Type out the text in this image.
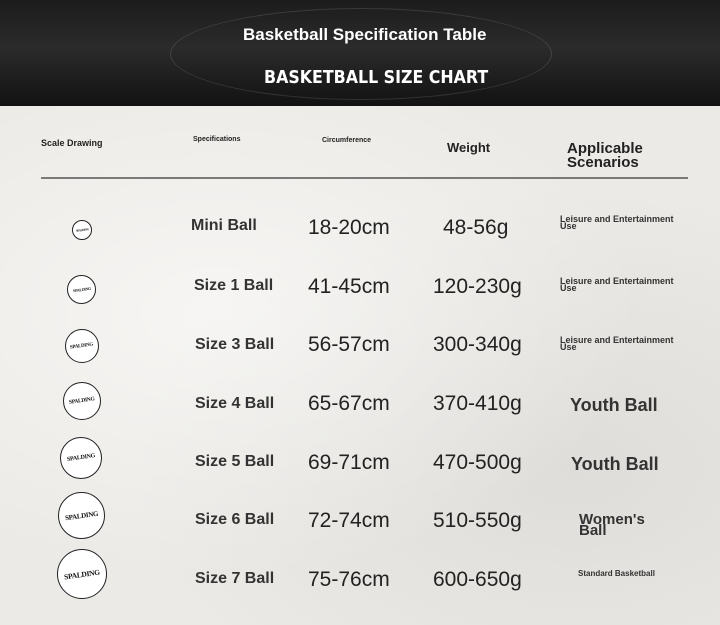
Basketball Specification Table
BASKETBALL SIZE CHART
Scale Drawing	Specifications	Circumference	Weight	Applicable Scenarios
SPALDING	Mini Ball	18-20cm	48-56g	Leisure and Entertainment Use
SPALDING	Size 1 Ball	41-45cm 120-230g	Leisure and Entertainment Use
SPALDING	Size 3 Ball	56-57cm 300-340g	Leisure and Entertainment Use
SPALDING	Size 4 Ball	65-67cm 370-410g	Youth Ball
SPALDING	Size 5 Ball	69-71cm 470-500g	Youth Ball
SPALDING	Size 6 Ball	72-74cm 510-550g	Women's Ball
SPALDING	Size 7 Ball	75-76cm 600-650g	Standard Basketball
